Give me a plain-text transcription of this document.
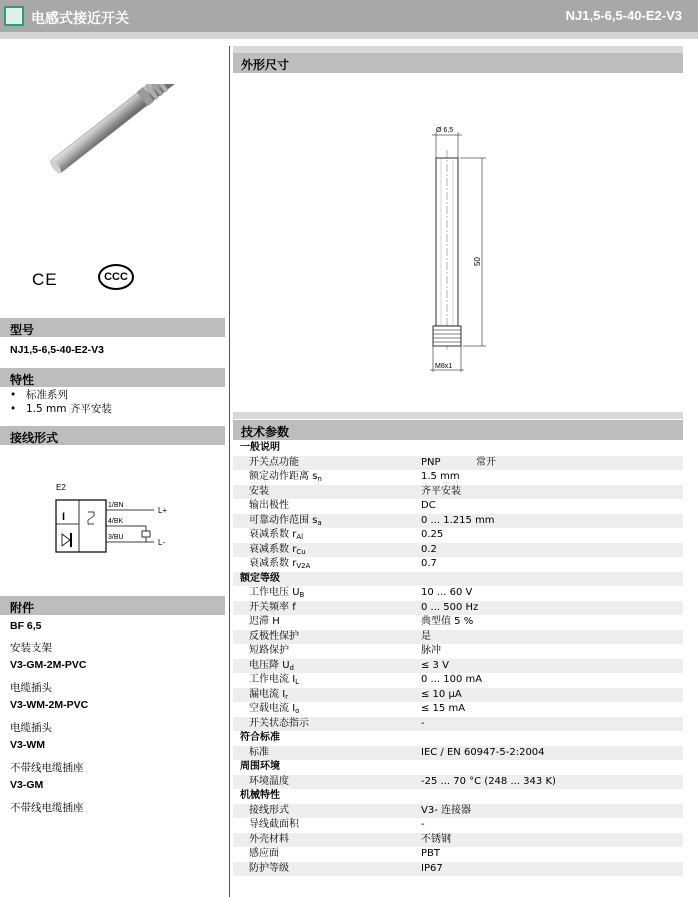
电感式接近开关	NJ1,5-6,5-40-E2-V3
CE	CCC
型号
NJ1,5-6,5-40-E2-V3
特性
• 标准系列
• 1.5 mm 齐平安装
接线形式
E2
I
1/BN
4/BK
3/BU
L+
L-
附件
BF 6,5
安装支架
V3-GM-2M-PVC
电缆插头
V3-WM-2M-PVC
电缆插头
V3-WM
不带线电缆插座
V3-GM
不带线电缆插座
外形尺寸
Ø 6,5
50
M8x1
技术参数
一般说明
开关点功能	PNP	常开
额定动作距离 $s_n$	1.5 mm
安装	齐平安装
输出极性	DC
可靠动作范围 $s_a$	0 ... 1.215 mm
衰减系数 $r_{Al}$	0.25
衰减系数 $r_{Cu}$	0.2
衰减系数 $r_{V2A}$	0.7
额定等级
工作电压 $U_B$	10 ... 60 V
开关频率 f	0 ... 500 Hz
迟滞 H	典型值 5 %
反极性保护	是
短路保护	脉冲
电压降 $U_d$	≤ 3 V
工作电流 $I_L$	0 ... 100 mA
漏电流 $I_r$	≤ 10 µA
空载电流 $I_o$	≤ 15 mA
开关状态指示	-
符合标准
标准	IEC / EN 60947-5-2:2004
周围环境
环境温度	-25 ... 70 °C (248 ... 343 K)
机械特性
接线形式	V3- 连接器
导线截面积	-
外壳材料	不锈钢
感应面	PBT
防护等级	IP67
